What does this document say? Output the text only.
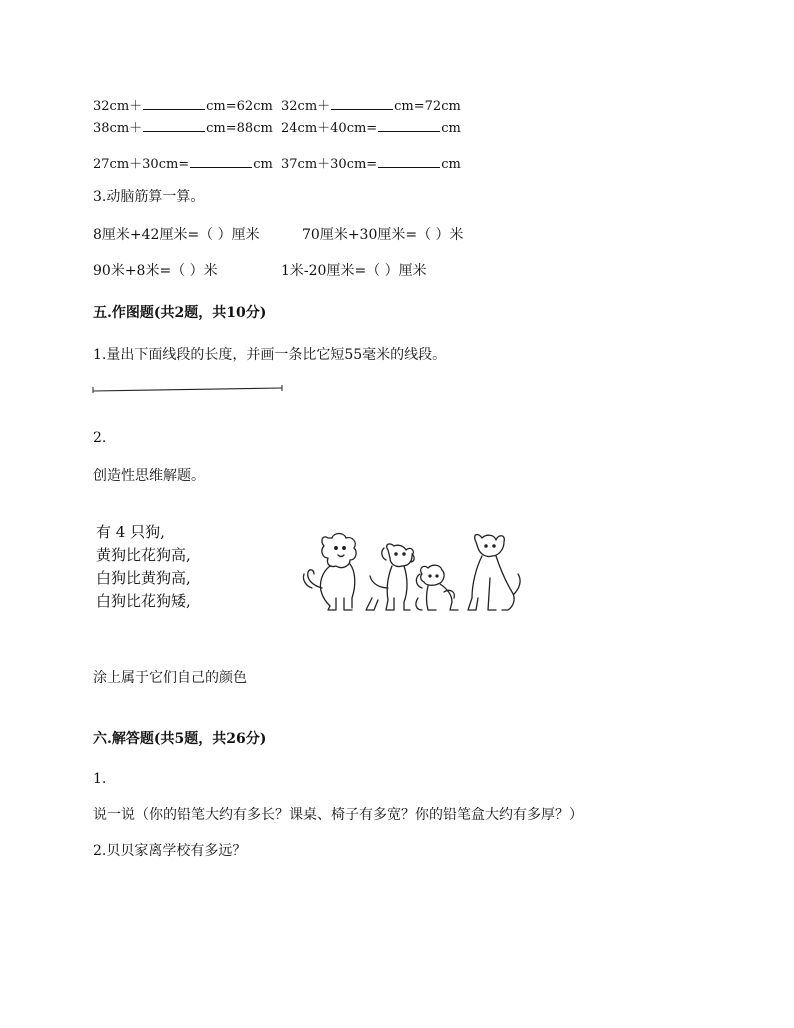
32cm＋	cm=62cm 32cm＋	cm=72cm
38cm＋	cm=88cm 24cm＋40cm=	cm
27cm＋30cm=	cm 37cm＋30cm=	cm
3.动脑筋算一算。
8厘米+42厘米=（ ）厘米	70厘米+30厘米=（ ）米
90米+8米=（ ）米	1米-20厘米=（ ）厘米
五.作图题(共2题，共10分)
1.量出下面线段的长度，并画一条比它短55毫米的线段。
2.
创造性思维解题。
有 4 只狗,
黄狗比花狗高,
白狗比黄狗高,
白狗比花狗矮,
涂上属于它们自己的颜色
六.解答题(共5题，共26分)
1.
说一说（你的铅笔大约有多长？课桌、椅子有多宽？你的铅笔盒大约有多厚？）
2.贝贝家离学校有多远？
